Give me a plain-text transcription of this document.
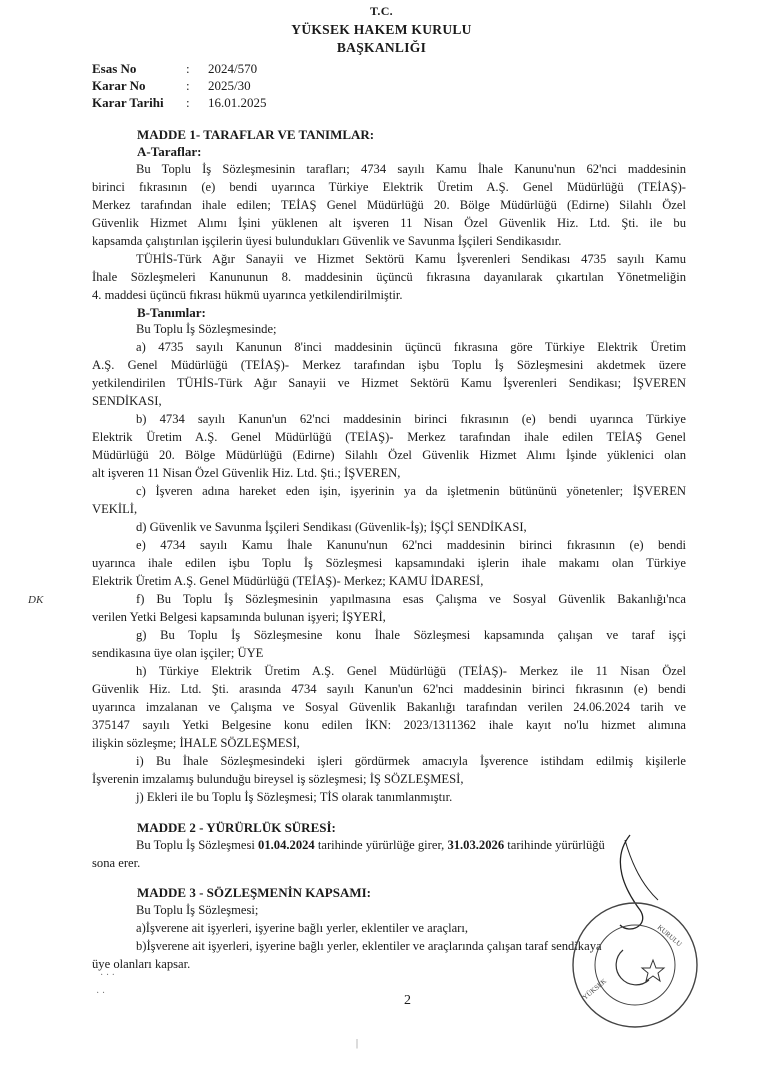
T.C.
YÜKSEK HAKEM KURULU
BAŞKANLIĞI
Esas No	:	2024/570
Karar No	:	2025/30
Karar Tarihi	:	16.01.2025
MADDE 1- TARAFLAR VE TANIMLAR:
A-Taraflar:
Bu Toplu İş Sözleşmesinin tarafları; 4734 sayılı Kamu İhale Kanunu'nun 62'nci maddesinin
birinci fıkrasının (e) bendi uyarınca Türkiye Elektrik Üretim A.Ş. Genel Müdürlüğü (TEİAŞ)-
Merkez tarafından ihale edilen; TEİAŞ Genel Müdürlüğü 20. Bölge Müdürlüğü (Edirne) Silahlı Özel
Güvenlik Hizmet Alımı İşini yüklenen alt işveren 11 Nisan Özel Güvenlik Hiz. Ltd. Şti. ile bu
kapsamda çalıştırılan işçilerin üyesi bulundukları Güvenlik ve Savunma İşçileri Sendikasıdır.
TÜHİS-Türk Ağır Sanayii ve Hizmet Sektörü Kamu İşverenleri Sendikası 4735 sayılı Kamu
İhale Sözleşmeleri Kanununun 8. maddesinin üçüncü fıkrasına dayanılarak çıkartılan Yönetmeliğin
4. maddesi üçüncü fıkrası hükmü uyarınca yetkilendirilmiştir.
B-Tanımlar:
Bu Toplu İş Sözleşmesinde;
a) 4735 sayılı Kanunun 8'inci maddesinin üçüncü fıkrasına göre Türkiye Elektrik Üretim
A.Ş. Genel Müdürlüğü (TEİAŞ)- Merkez tarafından işbu Toplu İş Sözleşmesini akdetmek üzere
yetkilendirilen TÜHİS-Türk Ağır Sanayii ve Hizmet Sektörü Kamu İşverenleri Sendikası; İŞVEREN
SENDİKASI,
b) 4734 sayılı Kanun'un 62'nci maddesinin birinci fıkrasının (e) bendi uyarınca Türkiye
Elektrik Üretim A.Ş. Genel Müdürlüğü (TEİAŞ)- Merkez tarafından ihale edilen TEİAŞ Genel
Müdürlüğü 20. Bölge Müdürlüğü (Edirne) Silahlı Özel Güvenlik Hizmet Alımı İşinde yüklenici olan
alt işveren 11 Nisan Özel Güvenlik Hiz. Ltd. Şti.; İŞVEREN,
c) İşveren adına hareket eden işin, işyerinin ya da işletmenin bütününü yönetenler; İŞVEREN
VEKİLİ,
d) Güvenlik ve Savunma İşçileri Sendikası (Güvenlik-İş); İŞÇİ SENDİKASI,
e) 4734 sayılı Kamu İhale Kanunu'nun 62'nci maddesinin birinci fıkrasının (e) bendi
uyarınca ihale edilen işbu Toplu İş Sözleşmesi kapsamındaki işlerin ihale makamı olan Türkiye
Elektrik Üretim A.Ş. Genel Müdürlüğü (TEİAŞ)- Merkez; KAMU İDARESİ,
f) Bu Toplu İş Sözleşmesinin yapılmasına esas Çalışma ve Sosyal Güvenlik Bakanlığı'nca
verilen Yetki Belgesi kapsamında bulunan işyeri; İŞYERİ,
g) Bu Toplu İş Sözleşmesine konu İhale Sözleşmesi kapsamında çalışan ve taraf işçi
sendikasına üye olan işçiler; ÜYE
h) Türkiye Elektrik Üretim A.Ş. Genel Müdürlüğü (TEİAŞ)- Merkez ile 11 Nisan Özel
Güvenlik Hiz. Ltd. Şti. arasında 4734 sayılı Kanun'un 62'nci maddesinin birinci fıkrasının (e) bendi
uyarınca imzalanan ve Çalışma ve Sosyal Güvenlik Bakanlığı tarafından verilen 24.06.2024 tarih ve
375147 sayılı Yetki Belgesine konu edilen İKN: 2023/1311362 ihale kayıt no'lu hizmet alımına
ilişkin sözleşme; İHALE SÖZLEŞMESİ,
i) Bu İhale Sözleşmesindeki işleri gördürmek amacıyla İşverence istihdam edilmiş kişilerle
İşverenin imzalamış bulunduğu bireysel iş sözleşmesi; İŞ SÖZLEŞMESİ,
j) Ekleri ile bu Toplu İş Sözleşmesi; TİS olarak tanımlanmıştır.
MADDE 2 - YÜRÜRLÜK SÜRESİ:
Bu Toplu İş Sözleşmesi 01.04.2024 tarihinde yürürlüğe girer, 31.03.2026 tarihinde yürürlüğü
sona erer.
MADDE 3 - SÖZLEŞMENİN KAPSAMI:
Bu Toplu İş Sözleşmesi;
a)İşverene ait işyerleri, işyerine bağlı yerler, eklentiler ve araçları,
b)İşverene ait işyerleri, işyerine bağlı yerler, eklentiler ve araçlarında çalışan taraf sendikaya
üye olanları kapsar.
DK
YÜKSEK
KURULU
2
· · ·
· ·
|
